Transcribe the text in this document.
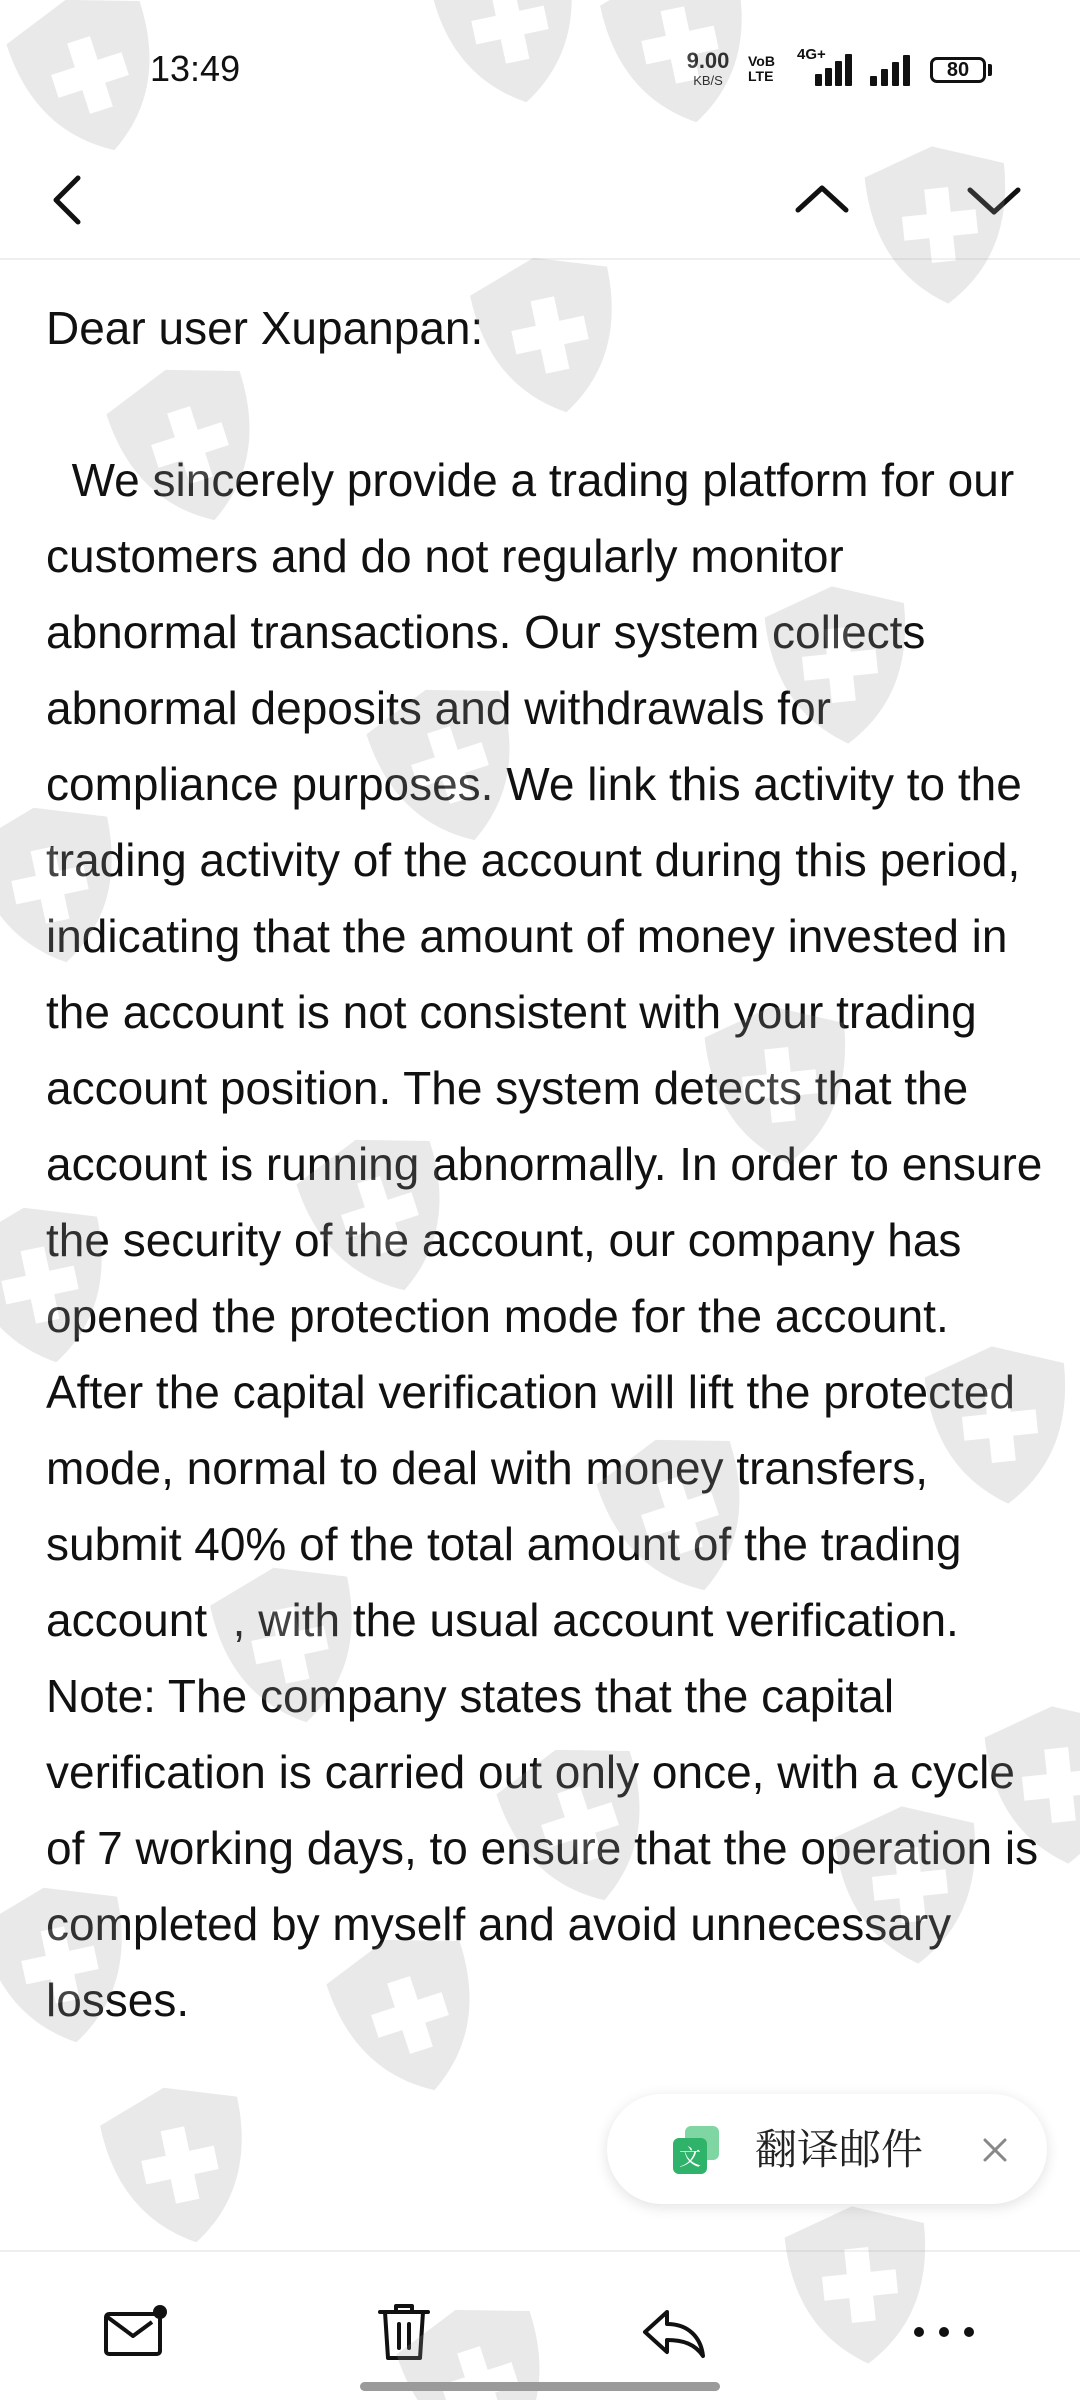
13:49	9.00
KB/S
VoB
LTE
4G+
80

Dear user Xupanpan:

We sincerely provide a trading platform for our customers and do not regularly monitor abnormal transactions. Our system collects abnormal deposits and withdrawals for compliance purposes. We link this activity to the trading activity of the account during this period, indicating that the amount of money invested in the account is not consistent with your trading account position. The system detects that the account is running abnormally. In order to ensure the security of the account, our company has opened the protection mode for the account. After the capital verification will lift the protected mode, normal to deal with money transfers, submit 40% of the total amount of the trading account  , with the usual account verification. Note: The company states that the capital verification is carried out only once, with a cycle of 7 working days, to ensure that the operation is completed by myself and avoid unnecessary losses.

文 翻译邮件
